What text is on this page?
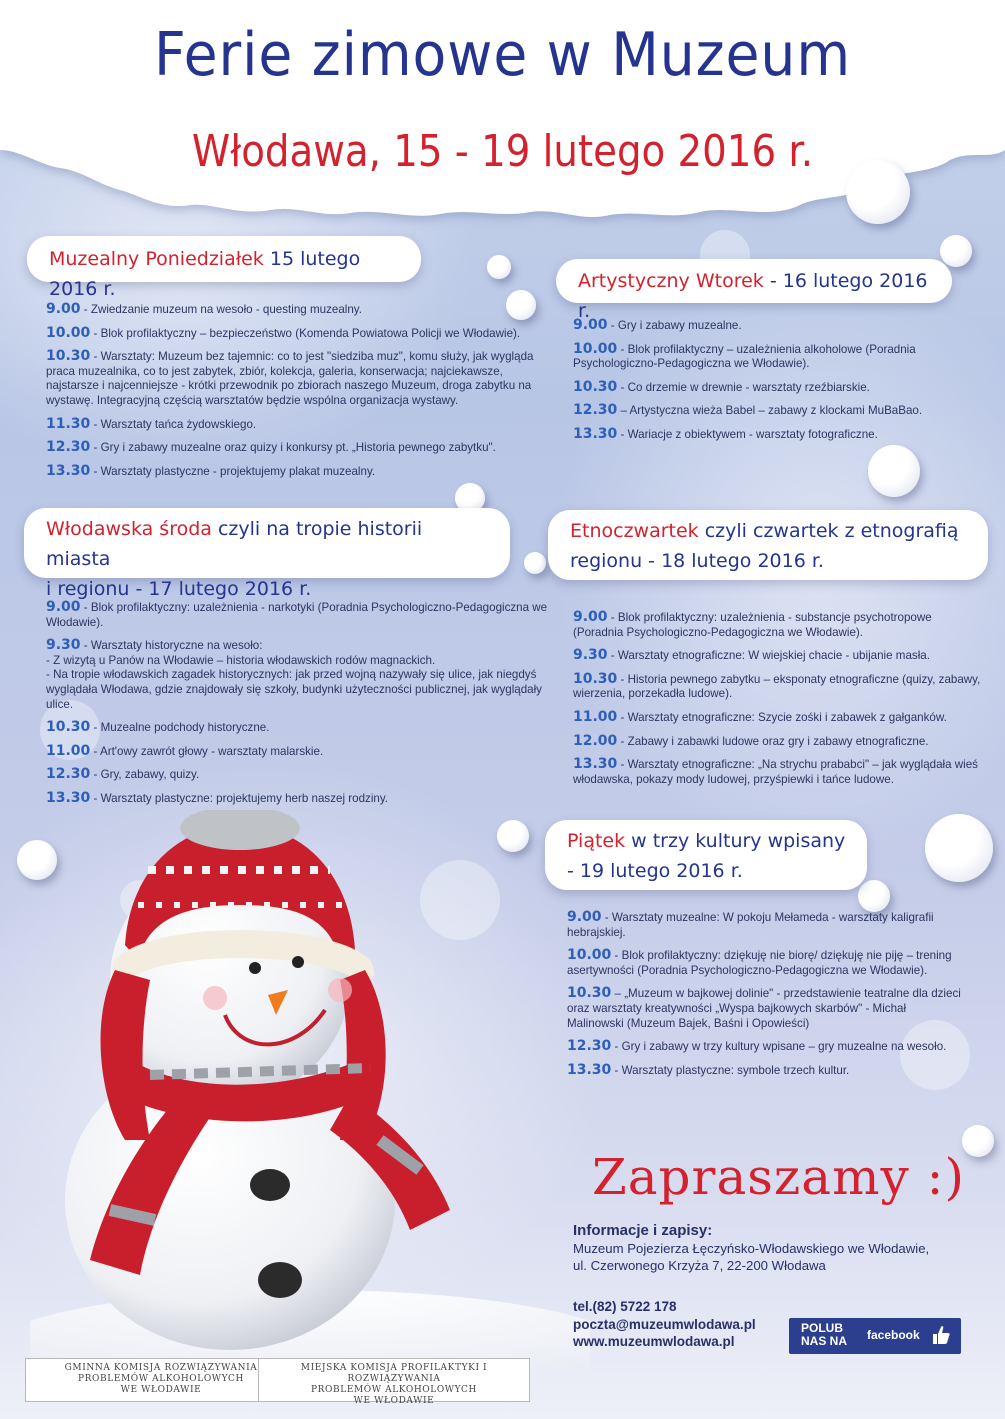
Ferie zimowe w Muzeum
Włodawa, 15 - 19 lutego 2016 r.
Muzealny Poniedziałek 15 lutego 2016 r.	Artystyczny Wtorek - 16 lutego 2016 r.
Włodawska środa czyli na tropie historii miasta
i regionu - 17 lutego 2016 r.
Etnoczwartek czyli czwartek z etnografią
regionu - 18 lutego 2016 r.
Piątek w trzy kultury wpisany
- 19 lutego 2016 r.
9.00 - Zwiedzanie muzeum na wesoło - questing muzealny.
10.00 - Blok profilaktyczny – bezpieczeństwo (Komenda Powiatowa Policji we Włodawie).
10.30 - Warsztaty: Muzeum bez tajemnic: co to jest "siedziba muz", komu służy, jak wygląda praca muzealnika, co to jest zabytek, zbiór, kolekcja, galeria, konserwacja; najciekawsze, najstarsze i najcenniejsze - krótki przewodnik po zbiorach naszego Muzeum, droga zabytku na wystawę. Integracyjną częścią warsztatów będzie wspólna organizacja wystawy.
11.30 - Warsztaty tańca żydowskiego.
12.30 - Gry i zabawy muzealne oraz quizy i konkursy pt. „Historia pewnego zabytku".
13.30 - Warsztaty plastyczne - projektujemy plakat muzealny.
9.00 - Gry i zabawy muzealne.
10.00 - Blok profilaktyczny – uzależnienia alkoholowe (Poradnia Psychologiczno-Pedagogiczna we Włodawie).
10.30 - Co drzemie w drewnie - warsztaty rzeźbiarskie.
12.30 – Artystyczna wieża Babel – zabawy z klockami MuBaBao.
13.30 - Wariacje z obiektywem - warsztaty fotograficzne.
9.00 - Blok profilaktyczny: uzależnienia - narkotyki (Poradnia Psychologiczno-Pedagogiczna we Włodawie).
9.30 - Warsztaty historyczne na wesoło:
- Z wizytą u Panów na Włodawie – historia włodawskich rodów magnackich.
- Na tropie włodawskich zagadek historycznych: jak przed wojną nazywały się ulice, jak niegdyś wyglądała Włodawa, gdzie znajdowały się szkoły, budynki użyteczności publicznej, jak wyglądały ulice.
10.30 - Muzealne podchody historyczne.
11.00 - Art'owy zawrót głowy - warsztaty malarskie.
12.30 - Gry, zabawy, quizy.
13.30 - Warsztaty plastyczne: projektujemy herb naszej rodziny.
9.00 - Blok profilaktyczny: uzależnienia - substancje psychotropowe (Poradnia Psychologiczno-Pedagogiczna we Włodawie).
9.30 - Warsztaty etnograficzne: W wiejskiej chacie - ubijanie masła.
10.30 - Historia pewnego zabytku – eksponaty etnograficzne (quizy, zabawy, wierzenia, porzekadła ludowe).
11.00 - Warsztaty etnograficzne: Szycie zośki i zabawek z gałganków.
12.00 - Zabawy i zabawki ludowe oraz gry i zabawy etnograficzne.
13.30 - Warsztaty etnograficzne: „Na strychu prababci" – jak wyglądała wieś włodawska, pokazy mody ludowej, przyśpiewki i tańce ludowe.
9.00 - Warsztaty muzealne: W pokoju Mełameda - warsztaty kaligrafii hebrajskiej.
10.00 - Blok profilaktyczny: dziękuję nie biorę/ dziękuję nie piję – trening asertywności (Poradnia Psychologiczno-Pedagogiczna we Włodawie).
10.30 – „Muzeum w bajkowej dolinie" - przedstawienie teatralne dla dzieci oraz warsztaty kreatywności „Wyspa bajkowych skarbów" - Michał Malinowski (Muzeum Bajek, Baśni i Opowieści)
12.30 - Gry i zabawy w trzy kultury wpisane – gry muzealne na wesoło.
13.30 - Warsztaty plastyczne: symbole trzech kultur.
Zapraszamy :)
Informacje i zapisy:
Muzeum Pojezierza Łęczyńsko-Włodawskiego we Włodawie,
ul. Czerwonego Krzyża 7, 22-200 Włodawa
tel.(82) 5722 178
poczta@muzeumwlodawa.pl
www.muzeumwlodawa.pl
POLUB
NAS NA facebook
GMINNA KOMISJA ROZWIĄZYWANIA
PROBLEMÓW ALKOHOLOWYCH
WE WŁODAWIE
MIEJSKA KOMISJA PROFILAKTYKI I ROZWIĄZYWANIA
PROBLEMÓW ALKOHOLOWYCH
WE WŁODAWIE
